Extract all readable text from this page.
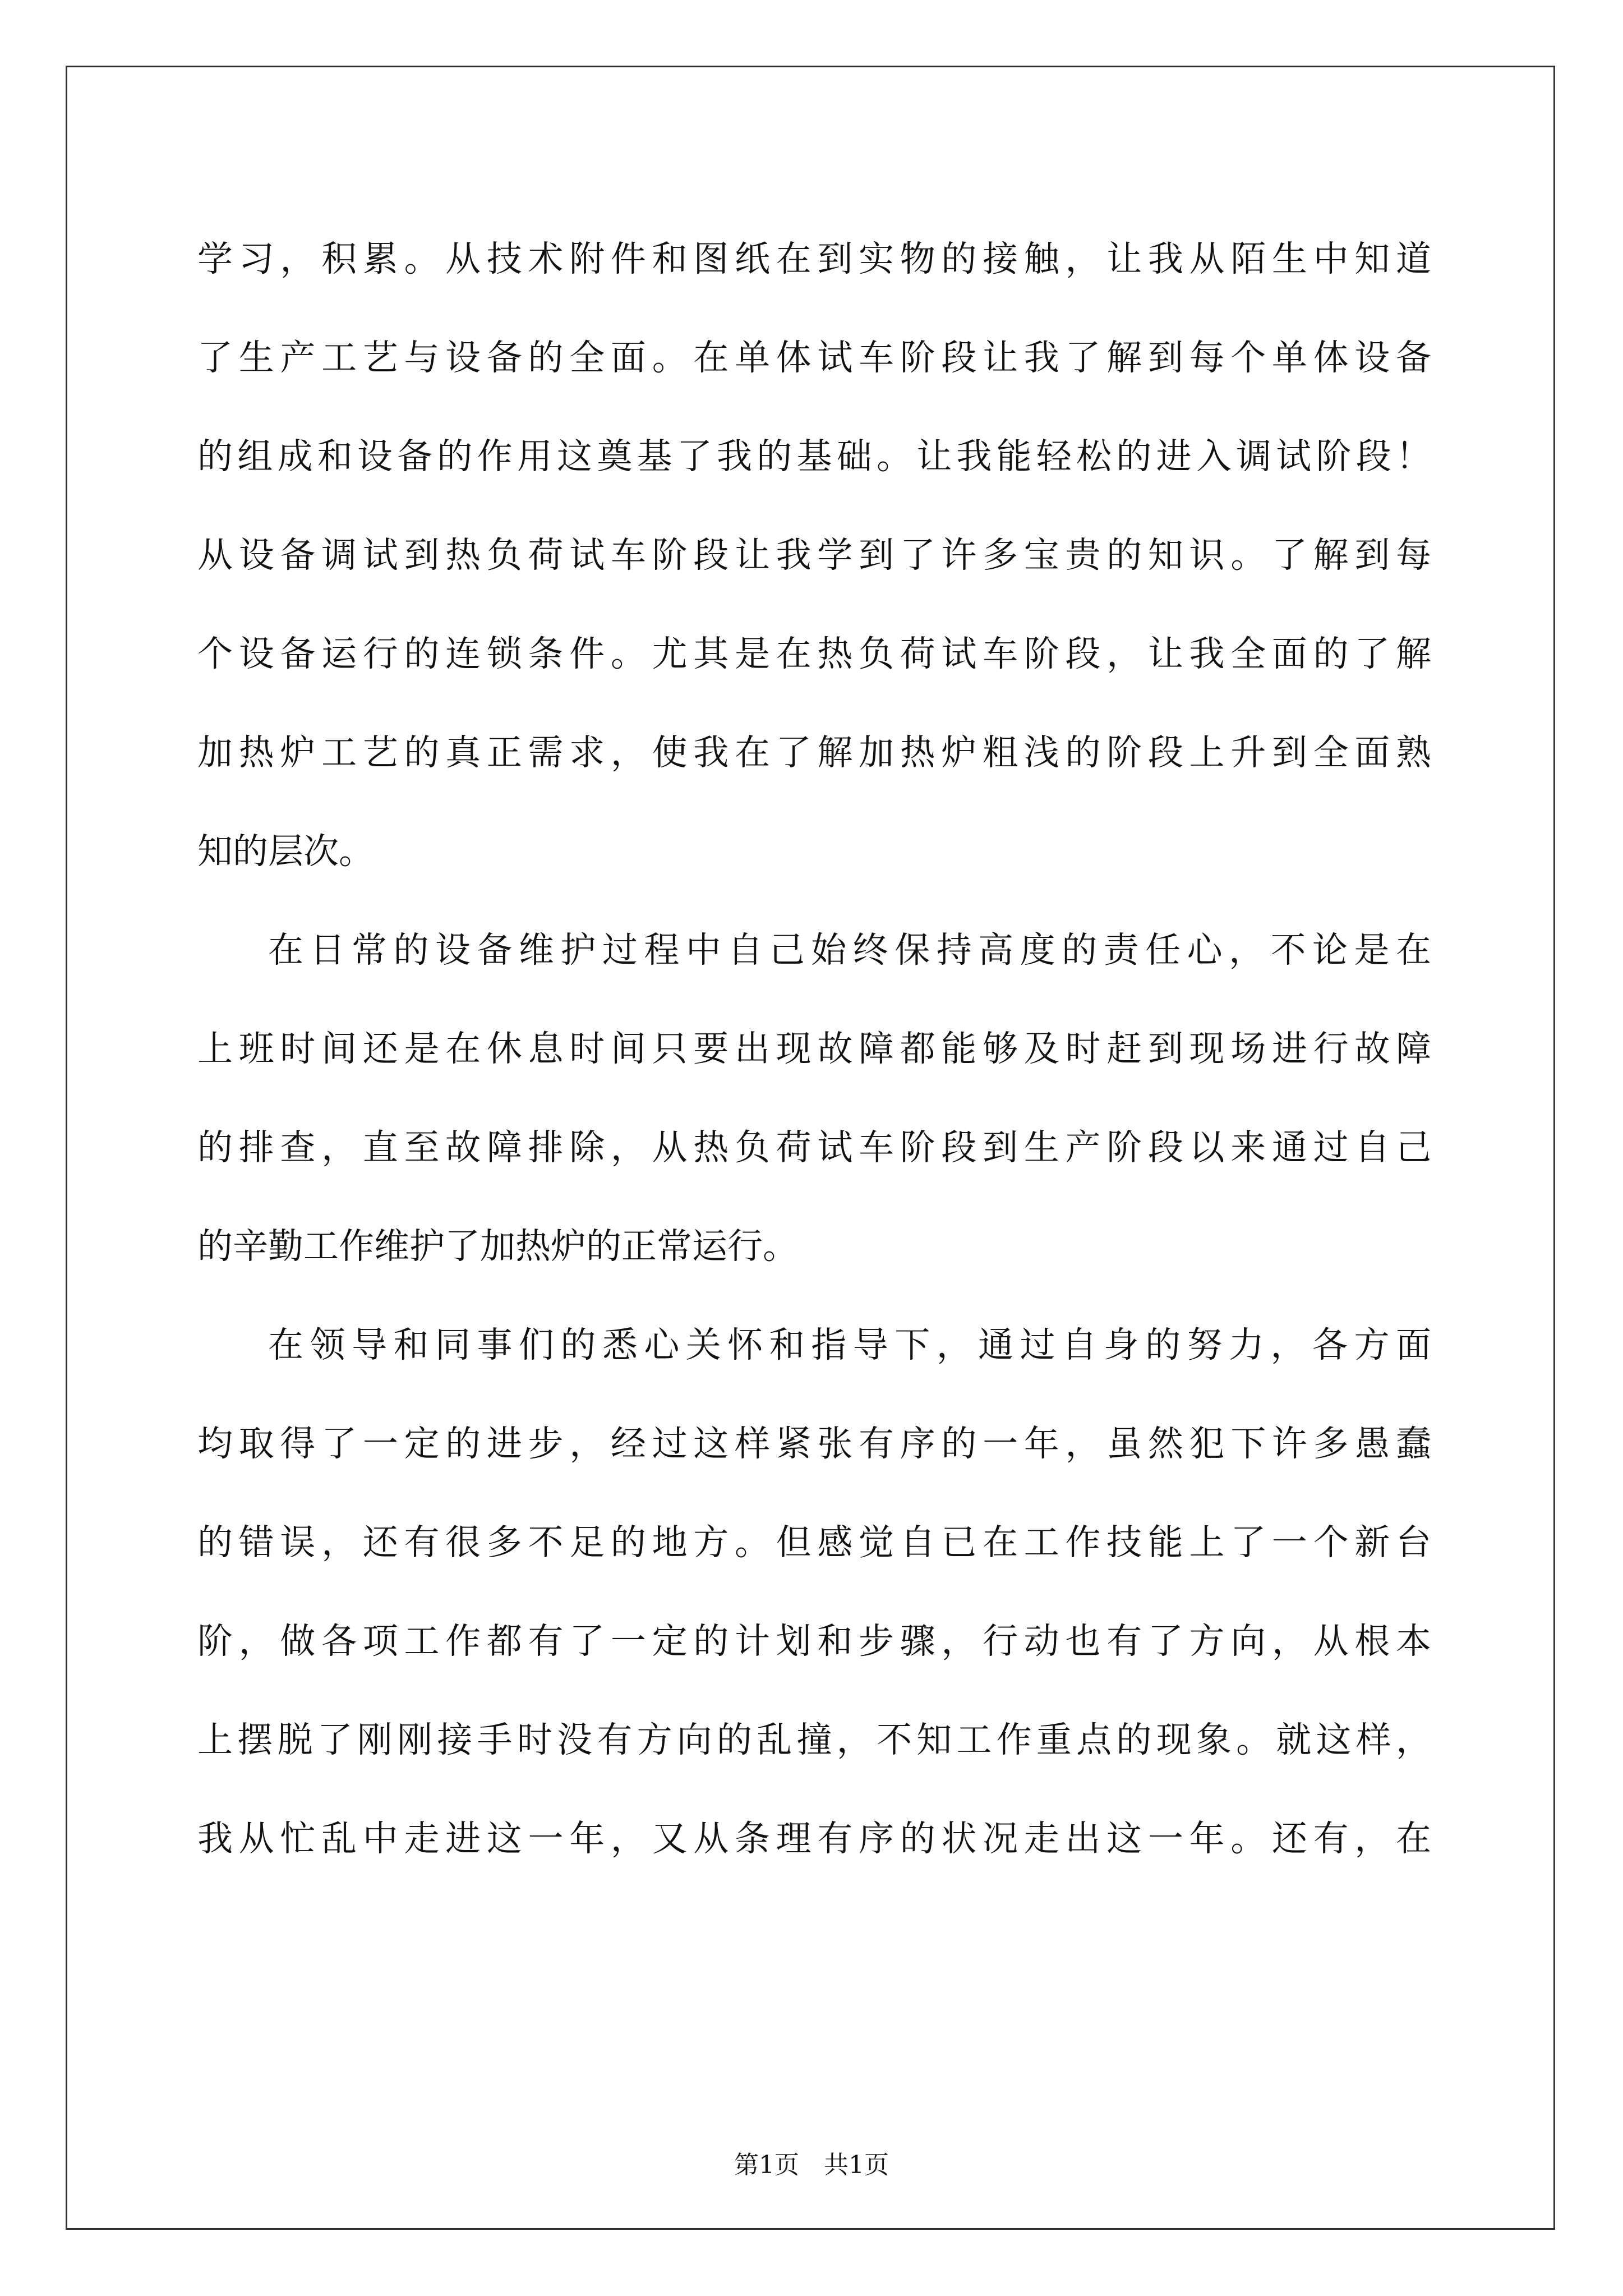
学习，积累。从技术附件和图纸在到实物的接触，让我从陌生中知道
了生产工艺与设备的全面。在单体试车阶段让我了解到每个单体设备
的组成和设备的作用这奠基了我的基础。让我能轻松的进入调试阶段！
从设备调试到热负荷试车阶段让我学到了许多宝贵的知识。了解到每
个设备运行的连锁条件。尤其是在热负荷试车阶段，让我全面的了解
加热炉工艺的真正需求，使我在了解加热炉粗浅的阶段上升到全面熟
知的层次。
在日常的设备维护过程中自己始终保持高度的责任心，不论是在
上班时间还是在休息时间只要出现故障都能够及时赶到现场进行故障
的排查，直至故障排除，从热负荷试车阶段到生产阶段以来通过自己
的辛勤工作维护了加热炉的正常运行。
在领导和同事们的悉心关怀和指导下，通过自身的努力，各方面
均取得了一定的进步，经过这样紧张有序的一年，虽然犯下许多愚蠢
的错误，还有很多不足的地方。但感觉自已在工作技能上了一个新台
阶，做各项工作都有了一定的计划和步骤，行动也有了方向，从根本
上摆脱了刚刚接手时没有方向的乱撞，不知工作重点的现象。就这样，
我从忙乱中走进这一年，又从条理有序的状况走出这一年。还有，在
第1页　共1页
